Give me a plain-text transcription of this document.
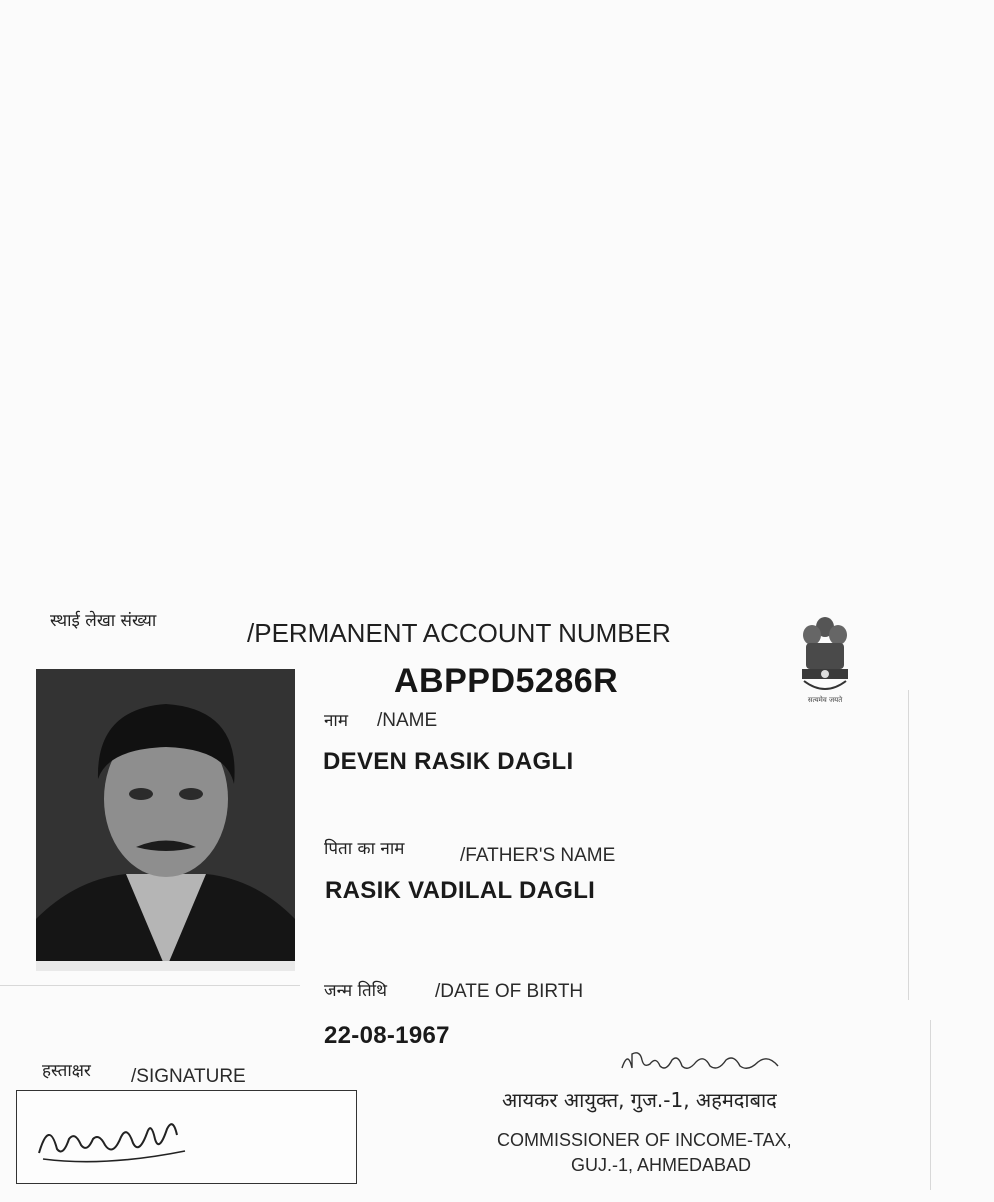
स्थाई लेखा संख्या	/PERMANENT ACCOUNT NUMBER
सत्यमेव जयते
ABPPD5286R
नाम /NAME
DEVEN RASIK DAGLI
पिता का नाम	/FATHER'S NAME
RASIK VADILAL DAGLI
जन्म तिथि	/DATE OF BIRTH
22-08-1967
हस्ताक्षर /SIGNATURE
आयकर आयुक्त, गुज.-1, अहमदाबाद
COMMISSIONER OF INCOME-TAX,
GUJ.-1, AHMEDABAD
